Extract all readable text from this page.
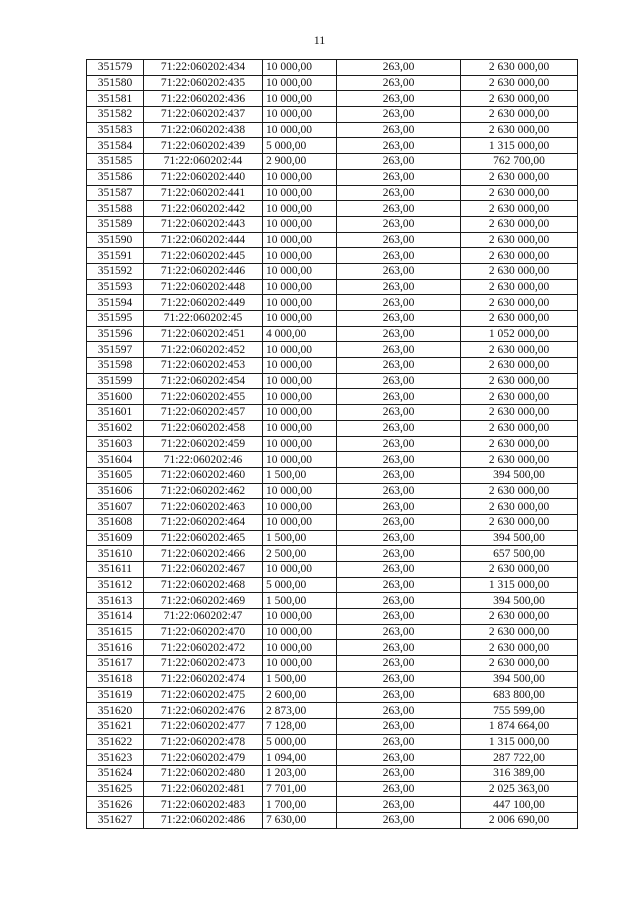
11
351579	71:22:060202:434	10 000,00	263,00	2 630 000,00
351580	71:22:060202:435	10 000,00	263,00	2 630 000,00
351581	71:22:060202:436	10 000,00	263,00	2 630 000,00
351582	71:22:060202:437	10 000,00	263,00	2 630 000,00
351583	71:22:060202:438	10 000,00	263,00	2 630 000,00
351584	71:22:060202:439	5 000,00	263,00	1 315 000,00
351585	71:22:060202:44	2 900,00	263,00	762 700,00
351586	71:22:060202:440	10 000,00	263,00	2 630 000,00
351587	71:22:060202:441	10 000,00	263,00	2 630 000,00
351588	71:22:060202:442	10 000,00	263,00	2 630 000,00
351589	71:22:060202:443	10 000,00	263,00	2 630 000,00
351590	71:22:060202:444	10 000,00	263,00	2 630 000,00
351591	71:22:060202:445	10 000,00	263,00	2 630 000,00
351592	71:22:060202:446	10 000,00	263,00	2 630 000,00
351593	71:22:060202:448	10 000,00	263,00	2 630 000,00
351594	71:22:060202:449	10 000,00	263,00	2 630 000,00
351595	71:22:060202:45	10 000,00	263,00	2 630 000,00
351596	71:22:060202:451	4 000,00	263,00	1 052 000,00
351597	71:22:060202:452	10 000,00	263,00	2 630 000,00
351598	71:22:060202:453	10 000,00	263,00	2 630 000,00
351599	71:22:060202:454	10 000,00	263,00	2 630 000,00
351600	71:22:060202:455	10 000,00	263,00	2 630 000,00
351601	71:22:060202:457	10 000,00	263,00	2 630 000,00
351602	71:22:060202:458	10 000,00	263,00	2 630 000,00
351603	71:22:060202:459	10 000,00	263,00	2 630 000,00
351604	71:22:060202:46	10 000,00	263,00	2 630 000,00
351605	71:22:060202:460	1 500,00	263,00	394 500,00
351606	71:22:060202:462	10 000,00	263,00	2 630 000,00
351607	71:22:060202:463	10 000,00	263,00	2 630 000,00
351608	71:22:060202:464	10 000,00	263,00	2 630 000,00
351609	71:22:060202:465	1 500,00	263,00	394 500,00
351610	71:22:060202:466	2 500,00	263,00	657 500,00
351611	71:22:060202:467	10 000,00	263,00	2 630 000,00
351612	71:22:060202:468	5 000,00	263,00	1 315 000,00
351613	71:22:060202:469	1 500,00	263,00	394 500,00
351614	71:22:060202:47	10 000,00	263,00	2 630 000,00
351615	71:22:060202:470	10 000,00	263,00	2 630 000,00
351616	71:22:060202:472	10 000,00	263,00	2 630 000,00
351617	71:22:060202:473	10 000,00	263,00	2 630 000,00
351618	71:22:060202:474	1 500,00	263,00	394 500,00
351619	71:22:060202:475	2 600,00	263,00	683 800,00
351620	71:22:060202:476	2 873,00	263,00	755 599,00
351621	71:22:060202:477	7 128,00	263,00	1 874 664,00
351622	71:22:060202:478	5 000,00	263,00	1 315 000,00
351623	71:22:060202:479	1 094,00	263,00	287 722,00
351624	71:22:060202:480	1 203,00	263,00	316 389,00
351625	71:22:060202:481	7 701,00	263,00	2 025 363,00
351626	71:22:060202:483	1 700,00	263,00	447 100,00
351627	71:22:060202:486	7 630,00	263,00	2 006 690,00
